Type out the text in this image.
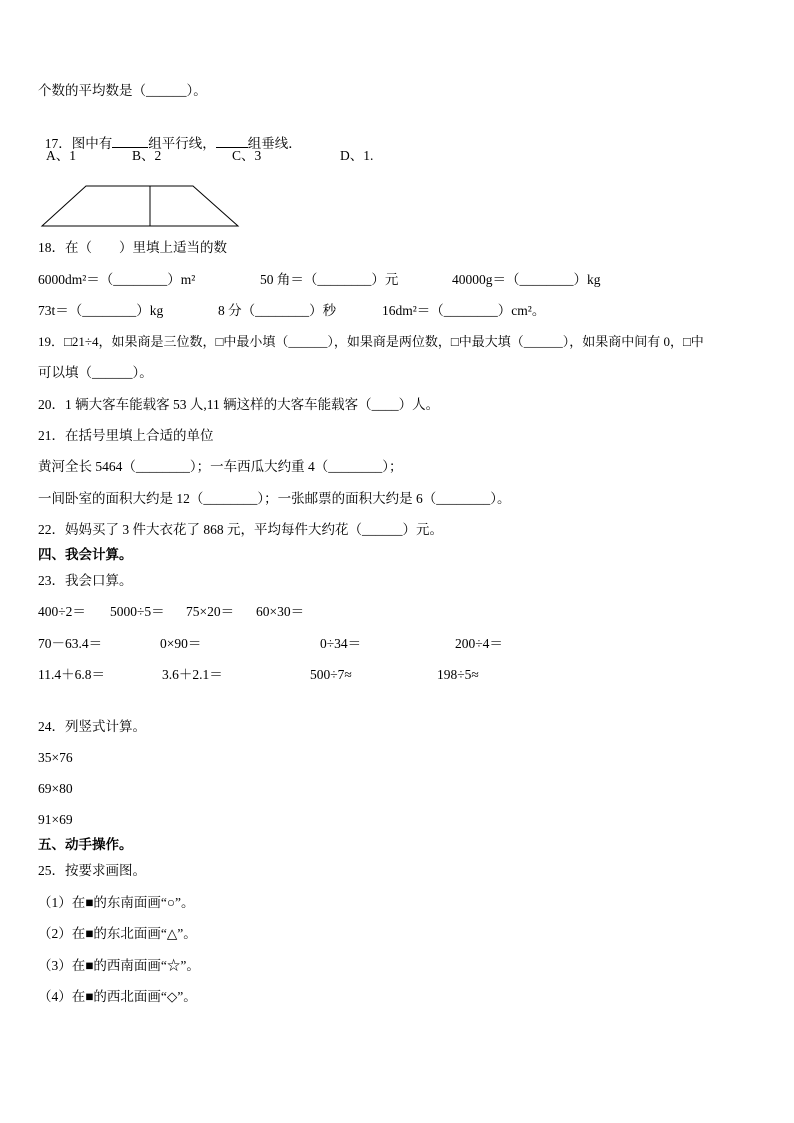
个数的平均数是（______）。

17．图中有	组平行线， 组垂线．

A、1	B、2	C、3	D、1.
18．在（　　）里填上适当的数
6000dm²＝（________）m²	50 角＝（________）元	40000g＝（________）kg
73t＝（________）kg	8 分（________）秒	16dm²＝（________）cm²。
19．□21÷4，如果商是三位数，□中最小填（______），如果商是两位数，□中最大填（______），如果商中间有 0，□中
可以填（______）。
20．1 辆大客车能载客 53 人,11 辆这样的大客车能载客（____）人。
21．在括号里填上合适的单位
黄河全长 5464（________）；一车西瓜大约重 4（________）；
一间卧室的面积大约是 12（________）；一张邮票的面积大约是 6（________）。
22．妈妈买了 3 件大衣花了 868 元，平均每件大约花（______）元。
四、我会计算。
23．我会口算。
400÷2＝ 5000÷5＝ 75×20＝ 60×30＝
70－63.4＝	0×90＝	0÷34＝	200÷4＝
11.4＋6.8＝	3.6＋2.1＝	500÷7≈	198÷5≈
24．列竖式计算。
35×76
69×80
91×69
五、动手操作。
25．按要求画图。
（1）在■的东南面画“○”。
（2）在■的东北面画“△”。
（3）在■的西南面画“☆”。
（4）在■的西北面画“◇”。
